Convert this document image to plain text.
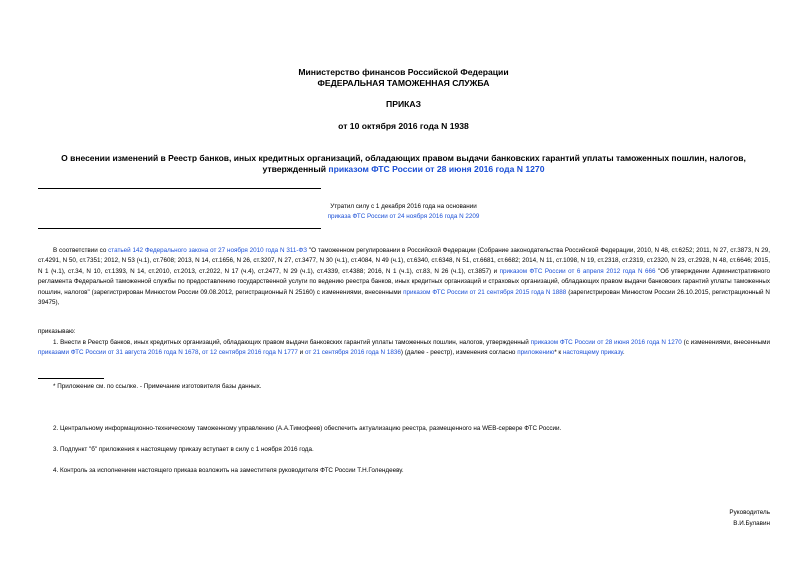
Министерство финансов Российской Федерации
ФЕДЕРАЛЬНАЯ ТАМОЖЕННАЯ СЛУЖБА
ПРИКАЗ
от 10 октября 2016 года N 1938
О внесении изменений в Реестр банков, иных кредитных организаций, обладающих правом выдачи банковских гарантий уплаты таможенных пошлин, налогов,
утвержденный приказом ФТС России от 28 июня 2016 года N 1270
Утратил силу с 1 декабря 2016 года на основании
приказа ФТС России от 24 ноября 2016 года N 2209
В соответствии со статьей 142 Федерального закона от 27 ноября 2010 года N 311-ФЗ "О таможенном регулировании в Российской Федерации (Собрание законодательства Российской Федерации, 2010, N 48, ст.6252; 2011, N 27, ст.3873, N 29, ст.4291, N 50, ст.7351; 2012, N 53 (ч.1), ст.7608; 2013, N 14, ст.1656, N 26, ст.3207, N 27, ст.3477, N 30 (ч.1), ст.4084, N 49 (ч.1), ст.6340, ст.6348, N 51, ст.6681, ст.6682; 2014, N 11, ст.1098, N 19, ст.2318, ст.2319, ст.2320, N 23, ст.2928, N 48, ст.6646; 2015, N 1 (ч.1), ст.34, N 10, ст.1393, N 14, ст.2010, ст.2013, ст.2022, N 17 (ч.4), ст.2477, N 29 (ч.1), ст.4339, ст.4388; 2016, N 1 (ч.1), ст.83, N 26 (ч.1), ст.3857) и приказом ФТС России от 6 апреля 2012 года N 666 "Об утверждении Административного регламента Федеральной таможенной службы по предоставлению государственной услуги по ведению реестра банков, иных кредитных организаций и страховых организаций, обладающих правом выдачи банковских гарантий уплаты таможенных пошлин, налогов" (зарегистрирован Минюстом России 09.08.2012, регистрационный N 25160) с изменениями, внесенными приказом ФТС России от 21 сентября 2015 года N 1888 (зарегистрирован Минюстом России 26.10.2015, регистрационный N 39475),
приказываю:
1. Внести в Реестр банков, иных кредитных организаций, обладающих правом выдачи банковских гарантий уплаты таможенных пошлин, налогов, утвержденный приказом ФТС России от 28 июня 2016 года N 1270 (с изменениями, внесенными приказами ФТС России от 31 августа 2016 года N 1678, от 12 сентября 2016 года N 1777 и от 21 сентября 2016 года N 1836) (далее - реестр), изменения согласно приложению* к настоящему приказу.
* Приложение см. по ссылке. - Примечание изготовителя базы данных.
2. Центральному информационно-техническому таможенному управлению (А.А.Тимофеев) обеспечить актуализацию реестра, размещенного на WEB-сервере ФТС России.
3. Подпункт "б" приложения к настоящему приказу вступает в силу с 1 ноября 2016 года.
4. Контроль за исполнением настоящего приказа возложить на заместителя руководителя ФТС России Т.Н.Голендееву.
Руководитель
В.И.Булавин
